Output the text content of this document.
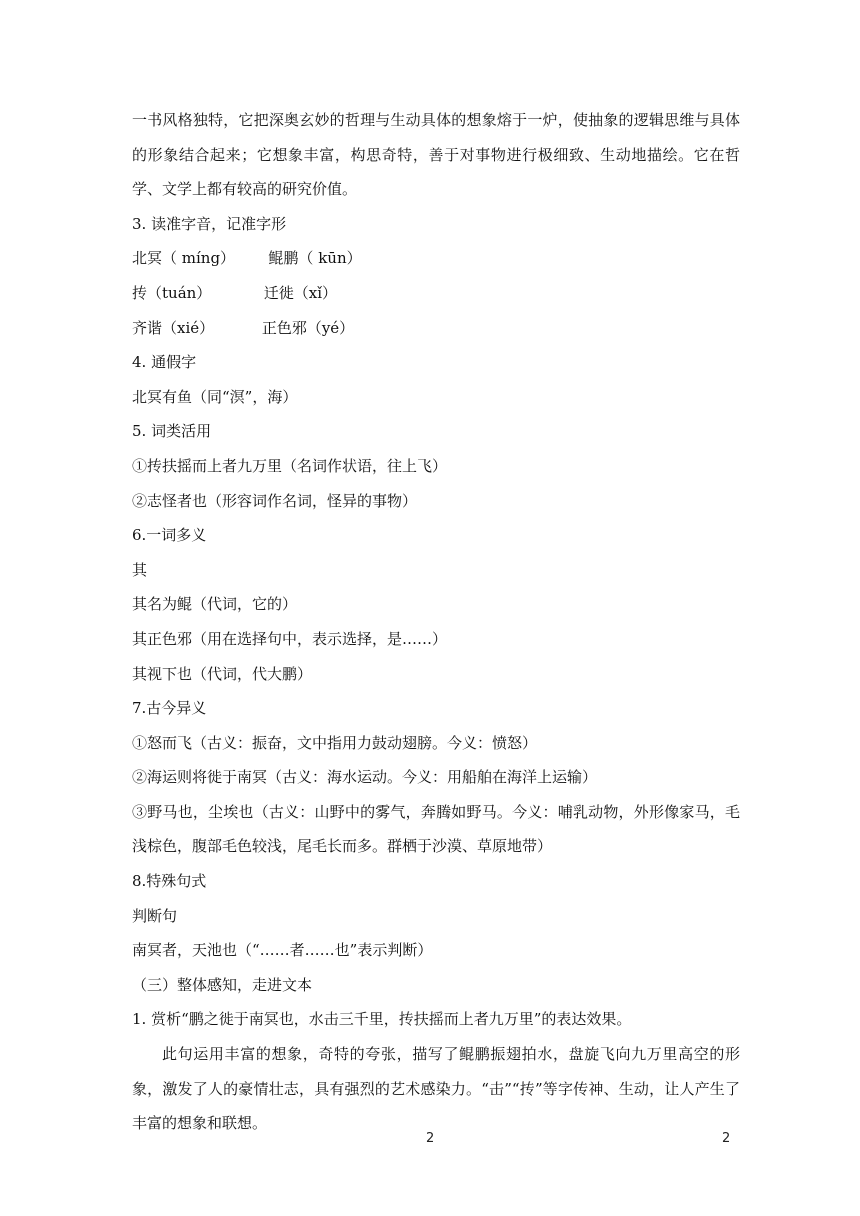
一书风格独特，它把深奥玄妙的哲理与生动具体的想象熔于一炉，使抽象的逻辑思维与具体的形象结合起来；它想象丰富，构思奇特，善于对事物进行极细致、生动地描绘。它在哲学、文学上都有较高的研究价值。

3. 读准字音，记准字形

北冥（ míng）       鲲鹏（ kūn）

抟（tuán）           迁徙（xǐ）

齐谐（xié）          正色邪（yé）

4. 通假字

北冥有鱼（同“溟”，海）

5. 词类活用

①抟扶摇而上者九万里（名词作状语，往上飞）

②志怪者也（形容词作名词，怪异的事物）

6.一词多义

其

其名为鲲（代词，它的）

其正色邪（用在选择句中，表示选择，是……）

其视下也（代词，代大鹏）

7.古今异义

①怒而飞（古义：振奋，文中指用力鼓动翅膀。今义：愤怒）

②海运则将徙于南冥（古义：海水运动。今义：用船舶在海洋上运输）

③野马也，尘埃也（古义：山野中的雾气，奔腾如野马。今义：哺乳动物，外形像家马，毛浅棕色，腹部毛色较浅，尾毛长而多。群栖于沙漠、草原地带）

8.特殊句式

判断句

南冥者，天池也（“……者……也”表示判断）

（三）整体感知，走进文本

1. 赏析“鹏之徙于南冥也，水击三千里，抟扶摇而上者九万里”的表达效果。

此句运用丰富的想象，奇特的夸张，描写了鲲鹏振翅拍水，盘旋飞向九万里高空的形象，激发了人的豪情壮志，具有强烈的艺术感染力。“击”“抟”等字传神、生动，让人产生了丰富的想象和联想。

2	2
